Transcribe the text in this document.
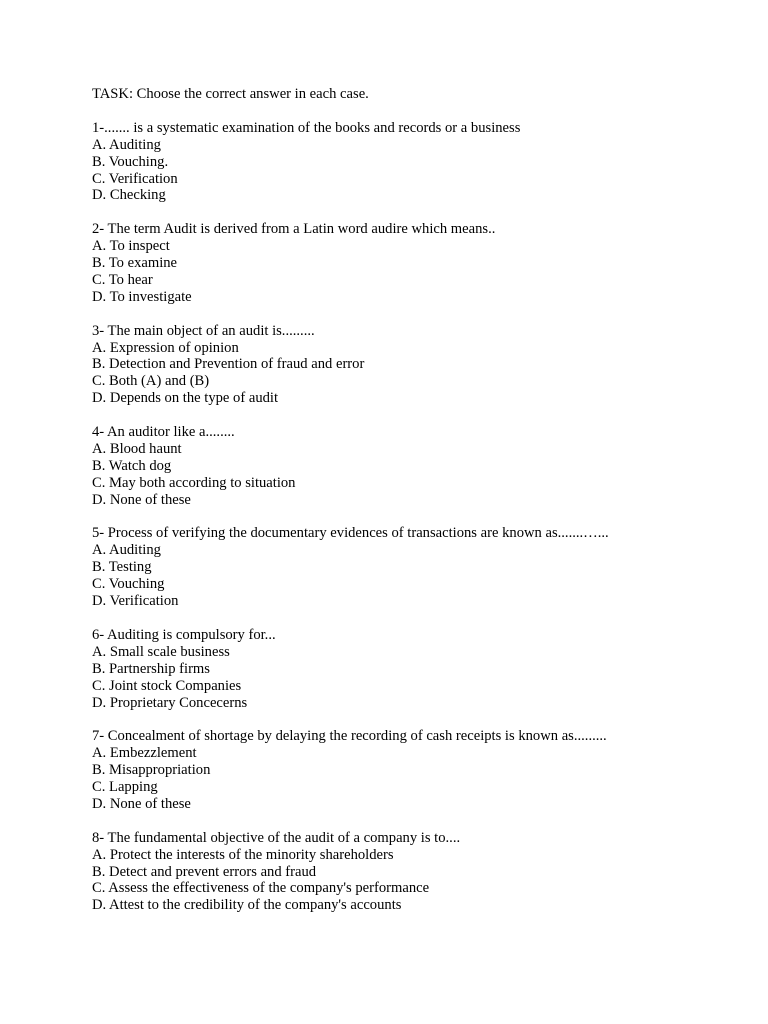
TASK: Choose the correct answer in each case.
1-....... is a systematic examination of the books and records or a business
A. Auditing
B. Vouching.
C. Verification
D. Checking
2- The term Audit is derived from a Latin word audire which means..
A. To inspect
B. To examine
C. To hear
D. To investigate
3- The main object of an audit is.........
A. Expression of opinion
B. Detection and Prevention of fraud and error
C. Both (A) and (B)
D. Depends on the type of audit
4- An auditor like a........
A. Blood haunt
B. Watch dog
C. May both according to situation
D. None of these
5- Process of verifying the documentary evidences of transactions are known as.......…...
A. Auditing
B. Testing
C. Vouching
D. Verification
6- Auditing is compulsory for...
A. Small scale business
B. Partnership firms
C. Joint stock Companies
D. Proprietary Concecerns
7- Concealment of shortage by delaying the recording of cash receipts is known as.........
A. Embezzlement
B. Misappropriation
C. Lapping
D. None of these
8- The fundamental objective of the audit of a company is to....
A. Protect the interests of the minority shareholders
B. Detect and prevent errors and fraud
C. Assess the effectiveness of the company's performance
D. Attest to the credibility of the company's accounts
